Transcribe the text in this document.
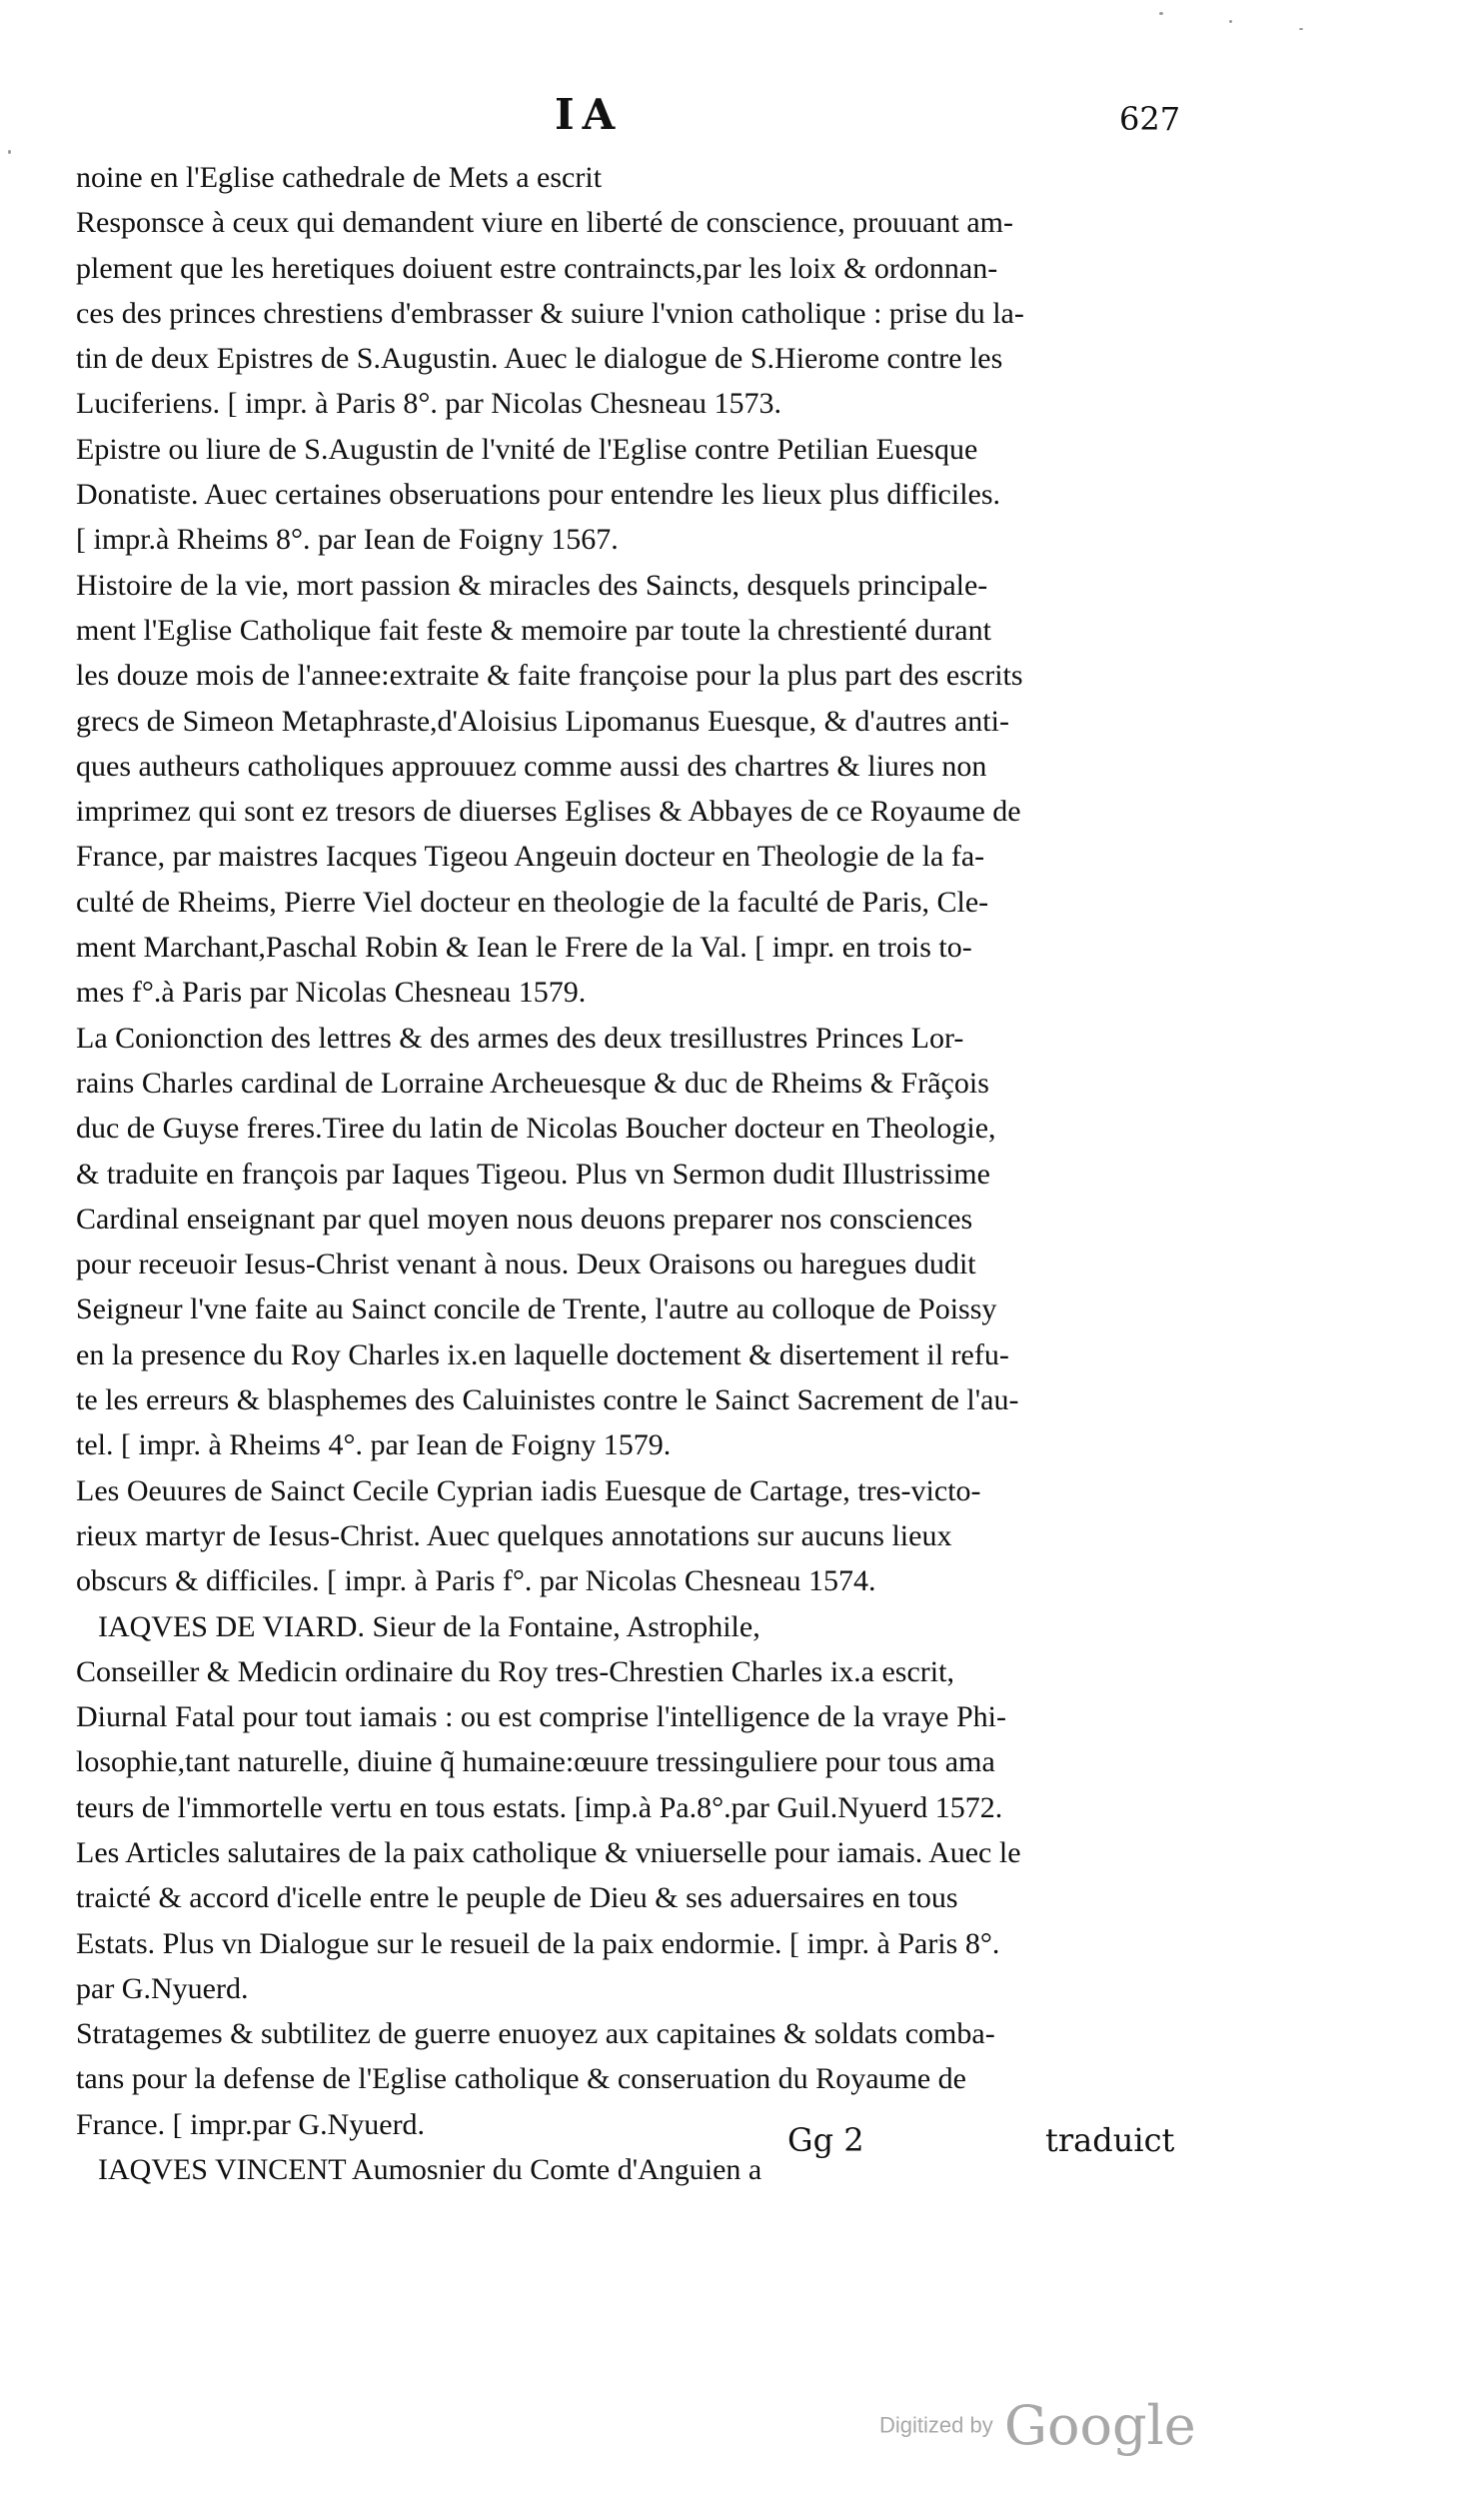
IA	627
noine en l'Eglise cathedrale de Mets a escrit
Responsce à ceux qui demandent viure en liberté de conscience, prouuant am-
plement que les heretiques doiuent estre contraincts,par les loix & ordonnan-
ces des princes chrestiens d'embrasser & suiure l'vnion catholique : prise du la-
tin de deux Epistres de S.Augustin. Auec le dialogue de S.Hierome contre les
Luciferiens. [ impr. à Paris 8°. par Nicolas Chesneau 1573.
Epistre ou liure de S.Augustin de l'vnité de l'Eglise contre Petilian Euesque
Donatiste. Auec certaines obseruations pour entendre les lieux plus difficiles.
[ impr.à Rheims 8°. par Iean de Foigny 1567.
Histoire de la vie, mort passion & miracles des Saincts, desquels principale-
ment l'Eglise Catholique fait feste & memoire par toute la chrestienté durant
les douze mois de l'annee:extraite & faite françoise pour la plus part des escrits
grecs de Simeon Metaphraste,d'Aloisius Lipomanus Euesque, & d'autres anti-
ques autheurs catholiques approuuez comme aussi des chartres & liures non
imprimez qui sont ez tresors de diuerses Eglises & Abbayes de ce Royaume de
France, par maistres Iacques Tigeou Angeuin docteur en Theologie de la fa-
culté de Rheims, Pierre Viel docteur en theologie de la faculté de Paris, Cle-
ment Marchant,Paschal Robin & Iean le Frere de la Val. [ impr. en trois to-
mes f°.à Paris par Nicolas Chesneau 1579.
La Conionction des lettres & des armes des deux tresillustres Princes Lor-
rains Charles cardinal de Lorraine Archeuesque & duc de Rheims & Frãçois
duc de Guyse freres.Tiree du latin de Nicolas Boucher docteur en Theologie,
& traduite en françois par Iaques Tigeou. Plus vn Sermon dudit Illustrissime
Cardinal enseignant par quel moyen nous deuons preparer nos consciences
pour receuoir Iesus-Christ venant à nous. Deux Oraisons ou haregues dudit
Seigneur l'vne faite au Sainct concile de Trente, l'autre au colloque de Poissy
en la presence du Roy Charles ix.en laquelle doctement & disertement il refu-
te les erreurs & blasphemes des Caluinistes contre le Sainct Sacrement de l'au-
tel. [ impr. à Rheims 4°. par Iean de Foigny 1579.
Les Oeuures de Sainct Cecile Cyprian iadis Euesque de Cartage, tres-victo-
rieux martyr de Iesus-Christ. Auec quelques annotations sur aucuns lieux
obscurs & difficiles. [ impr. à Paris f°. par Nicolas Chesneau 1574.
IAQVES DE VIARD. Sieur de la Fontaine, Astrophile,
Conseiller & Medicin ordinaire du Roy tres-Chrestien Charles ix.a escrit,
Diurnal Fatal pour tout iamais : ou est comprise l'intelligence de la vraye Phi-
losophie,tant naturelle, diuine q̃ humaine:œuure tressinguliere pour tous ama
teurs de l'immortelle vertu en tous estats. [imp.à Pa.8°.par Guil.Nyuerd 1572.
Les Articles salutaires de la paix catholique & vniuerselle pour iamais. Auec le
traicté & accord d'icelle entre le peuple de Dieu & ses aduersaires en tous
Estats. Plus vn Dialogue sur le resueil de la paix endormie. [ impr. à Paris 8°.
par G.Nyuerd.
Stratagemes & subtilitez de guerre enuoyez aux capitaines & soldats comba-
tans pour la defense de l'Eglise catholique & conseruation du Royaume de
France. [ impr.par G.Nyuerd.
IAQVES VINCENT Aumosnier du Comte d'Anguien a
Gg 2	traduict
Digitized by Google
